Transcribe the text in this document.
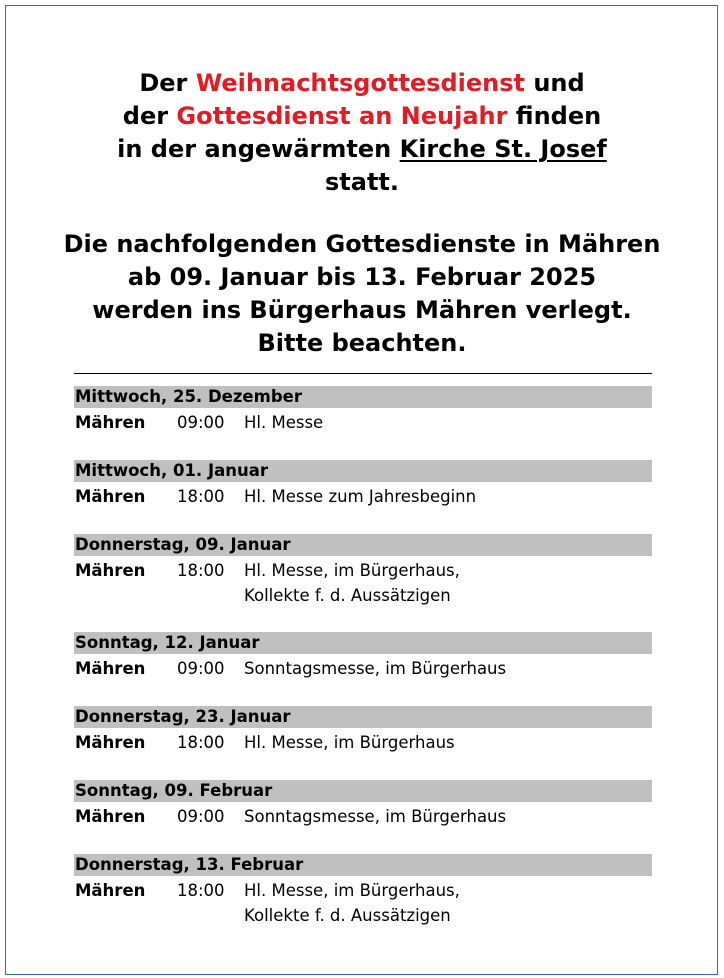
Der Weihnachtsgottesdienst und
der Gottesdienst an Neujahr finden
in der angewärmten Kirche St. Josef
statt.
Die nachfolgenden Gottesdienste in Mähren
ab 09. Januar bis 13. Februar 2025
werden ins Bürgerhaus Mähren verlegt.
Bitte beachten.
Mittwoch, 25. Dezember
Mähren 09:00 Hl. Messe
Mittwoch, 01. Januar
Mähren 18:00 Hl. Messe zum Jahresbeginn
Donnerstag, 09. Januar
Mähren 18:00 Hl. Messe, im Bürgerhaus,
Kollekte f. d. Aussätzigen
Sonntag, 12. Januar
Mähren 09:00 Sonntagsmesse, im Bürgerhaus
Donnerstag, 23. Januar
Mähren 18:00 Hl. Messe, im Bürgerhaus
Sonntag, 09. Februar
Mähren 09:00 Sonntagsmesse, im Bürgerhaus
Donnerstag, 13. Februar
Mähren 18:00 Hl. Messe, im Bürgerhaus,
Kollekte f. d. Aussätzigen
